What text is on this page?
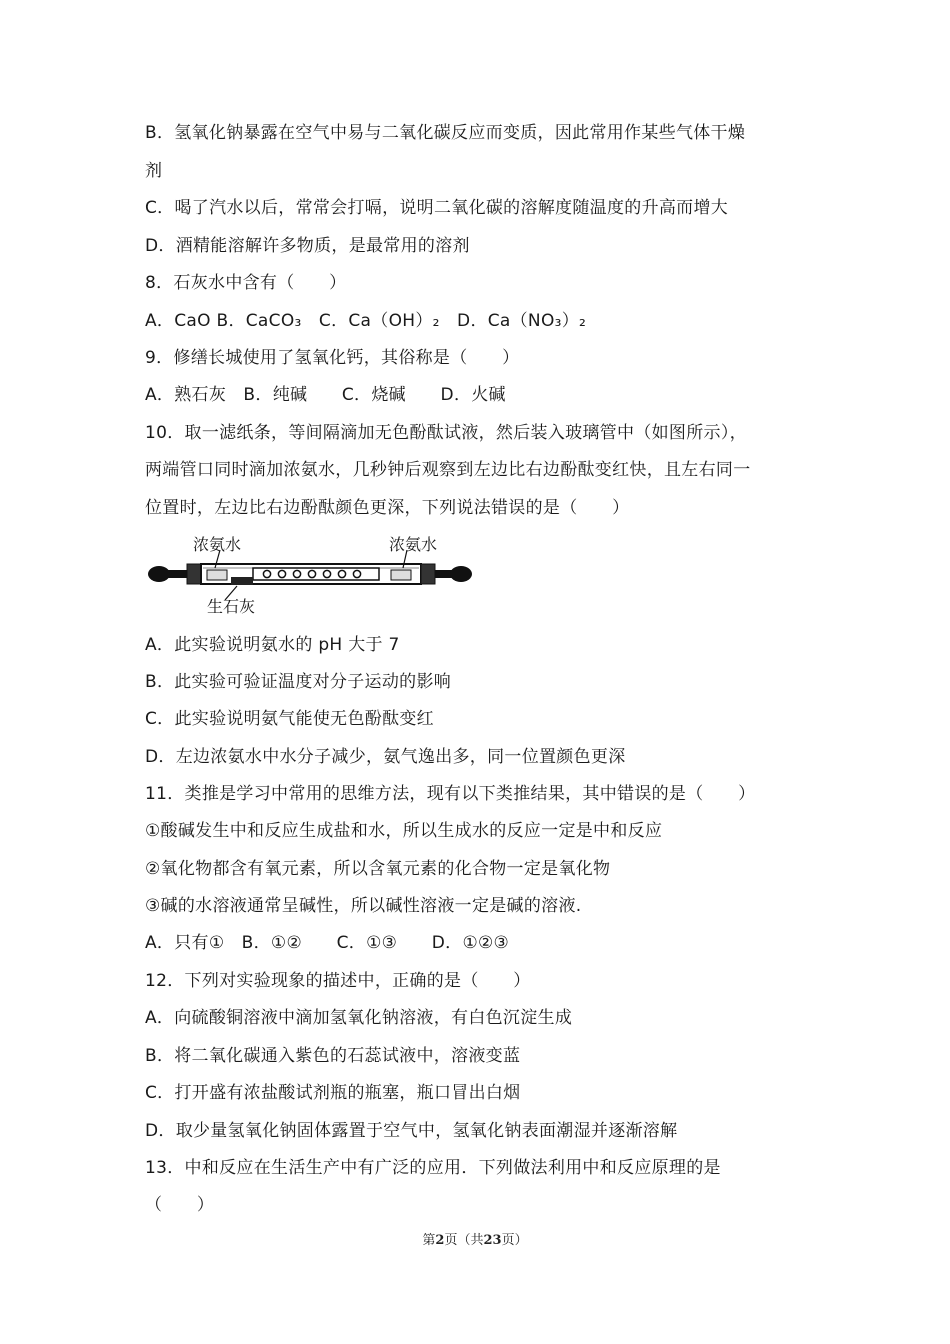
B．氢氧化钠暴露在空气中易与二氧化碳反应而变质，因此常用作某些气体干燥
剂
C．喝了汽水以后，常常会打嗝，说明二氧化碳的溶解度随温度的升高而增大
D．酒精能溶解许多物质，是最常用的溶剂
8．石灰水中含有（　　）
A．CaO B．CaCO₃　C．Ca（OH）₂　D．Ca（NO₃）₂
9．修缮长城使用了氢氧化钙，其俗称是（　　）
A．熟石灰　B．纯碱　　C．烧碱　　D．火碱
10．取一滤纸条，等间隔滴加无色酚酞试液，然后装入玻璃管中（如图所示），
两端管口同时滴加浓氨水，几秒钟后观察到左边比右边酚酞变红快，且左右同一
位置时，左边比右边酚酞颜色更深，下列说法错误的是（　　）
浓氨水	浓氨水
生石灰
A．此实验说明氨水的 pH 大于 7
B．此实验可验证温度对分子运动的影响
C．此实验说明氨气能使无色酚酞变红
D．左边浓氨水中水分子减少，氨气逸出多，同一位置颜色更深
11．类推是学习中常用的思维方法，现有以下类推结果，其中错误的是（　　）
①酸碱发生中和反应生成盐和水，所以生成水的反应一定是中和反应
②氧化物都含有氧元素，所以含氧元素的化合物一定是氧化物
③碱的水溶液通常呈碱性，所以碱性溶液一定是碱的溶液.
A．只有①　B．①②　　C．①③　　D．①②③
12．下列对实验现象的描述中，正确的是（　　）
A．向硫酸铜溶液中滴加氢氧化钠溶液，有白色沉淀生成
B．将二氧化碳通入紫色的石蕊试液中，溶液变蓝
C．打开盛有浓盐酸试剂瓶的瓶塞，瓶口冒出白烟
D．取少量氢氧化钠固体露置于空气中，氢氧化钠表面潮湿并逐渐溶解
13．中和反应在生活生产中有广泛的应用．下列做法利用中和反应原理的是
（　　）
第2页（共23页）
